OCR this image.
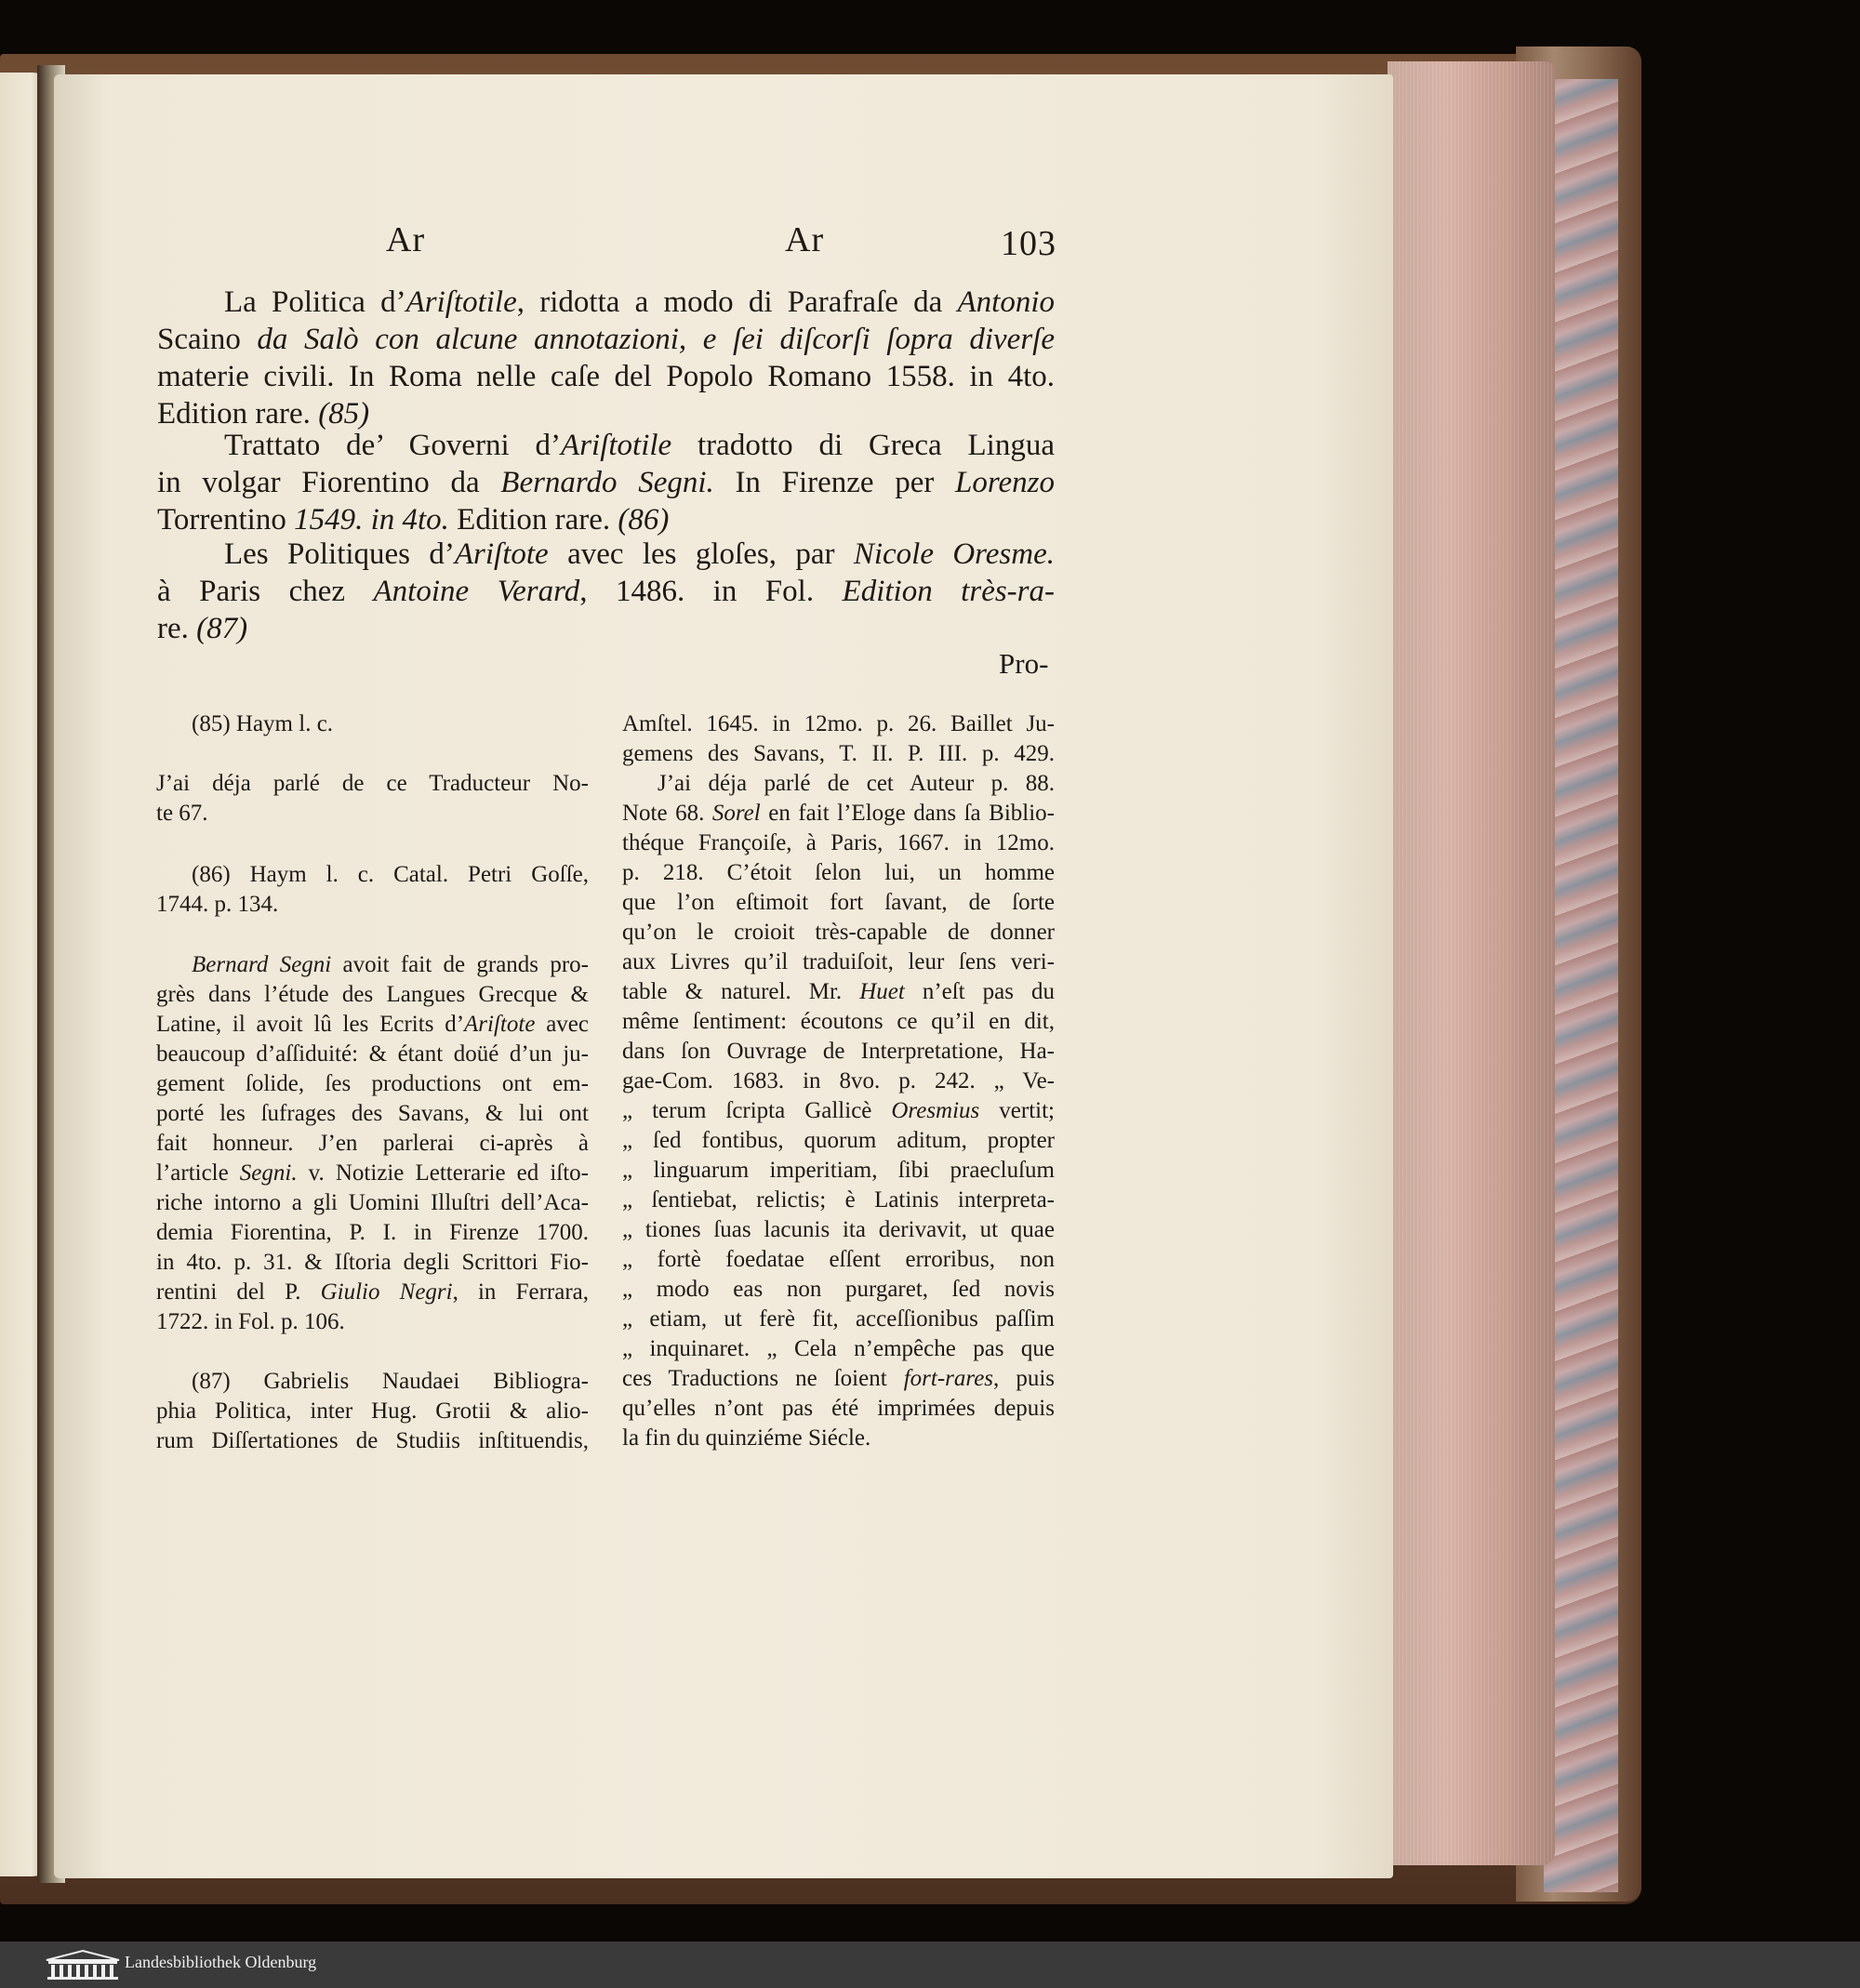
Ar	Ar	103
La Politica d’Ariſtotile, ridotta a modo di Parafraſe da Antonio
Scaino da Salò con alcune annotazioni, e ſei diſcorſi ſopra diverſe
materie civili. In Roma nelle caſe del Popolo Romano 1558. in 4to.
Edition rare. (85)
Trattato de’ Governi d’Ariſtotile tradotto di Greca Lingua
in volgar Fiorentino da Bernardo Segni. In Firenze per Lorenzo
Torrentino 1549. in 4to. Edition rare. (86)
Les Politiques d’Ariſtote avec les gloſes, par Nicole Oresme.
à Paris chez Antoine Verard, 1486. in Fol. Edition très-ra-
re. (87)
Pro-
(85) Haym l. c.
J’ai déja parlé de ce Traducteur No-
te 67.
(86) Haym l. c. Catal. Petri Goſſe,
1744. p. 134.
Bernard Segni avoit fait de grands pro-
grès dans l’étude des Langues Grecque &
Latine, il avoit lû les Ecrits d’Ariſtote avec
beaucoup d’aſſiduité: & étant doüé d’un ju-
gement ſolide, ſes productions ont em-
porté les ſufrages des Savans, & lui ont
fait honneur. J’en parlerai ci-après à
l’article Segni. v. Notizie Letterarie ed iſto-
riche intorno a gli Uomini Illuſtri dell’Aca-
demia Fiorentina, P. I. in Firenze 1700.
in 4to. p. 31. & Iſtoria degli Scrittori Fio-
rentini del P. Giulio Negri, in Ferrara,
1722. in Fol. p. 106.
(87) Gabrielis Naudaei Bibliogra-
phia Politica, inter Hug. Grotii & alio-
rum Diſſertationes de Studiis inſtituendis,
Amſtel. 1645. in 12mo. p. 26. Baillet Ju-
gemens des Savans, T. II. P. III. p. 429.
J’ai déja parlé de cet Auteur p. 88.
Note 68. Sorel en fait l’Eloge dans ſa Biblio-
théque Françoiſe, à Paris, 1667. in 12mo.
p. 218. C’étoit ſelon lui, un homme
que l’on eſtimoit fort ſavant, de ſorte
qu’on le croioit très-capable de donner
aux Livres qu’il traduiſoit, leur ſens veri-
table & naturel. Mr. Huet n’eſt pas du
même ſentiment: écoutons ce qu’il en dit,
dans ſon Ouvrage de Interpretatione, Ha-
gae-Com. 1683. in 8vo. p. 242. „ Ve-
„ terum ſcripta Gallicè Oresmius vertit;
„ ſed fontibus, quorum aditum, propter
„ linguarum imperitiam, ſibi praecluſum
„ ſentiebat, relictis; è Latinis interpreta-
„ tiones ſuas lacunis ita derivavit, ut quae
„ fortè foedatae eſſent erroribus, non
„ modo eas non purgaret, ſed novis
„ etiam, ut ferè fit, acceſſionibus paſſim
„ inquinaret. „ Cela n’empêche pas que
ces Traductions ne ſoient fort-rares, puis
qu’elles n’ont pas été imprimées depuis
la fin du quinziéme Siécle.
Landesbibliothek Oldenburg
